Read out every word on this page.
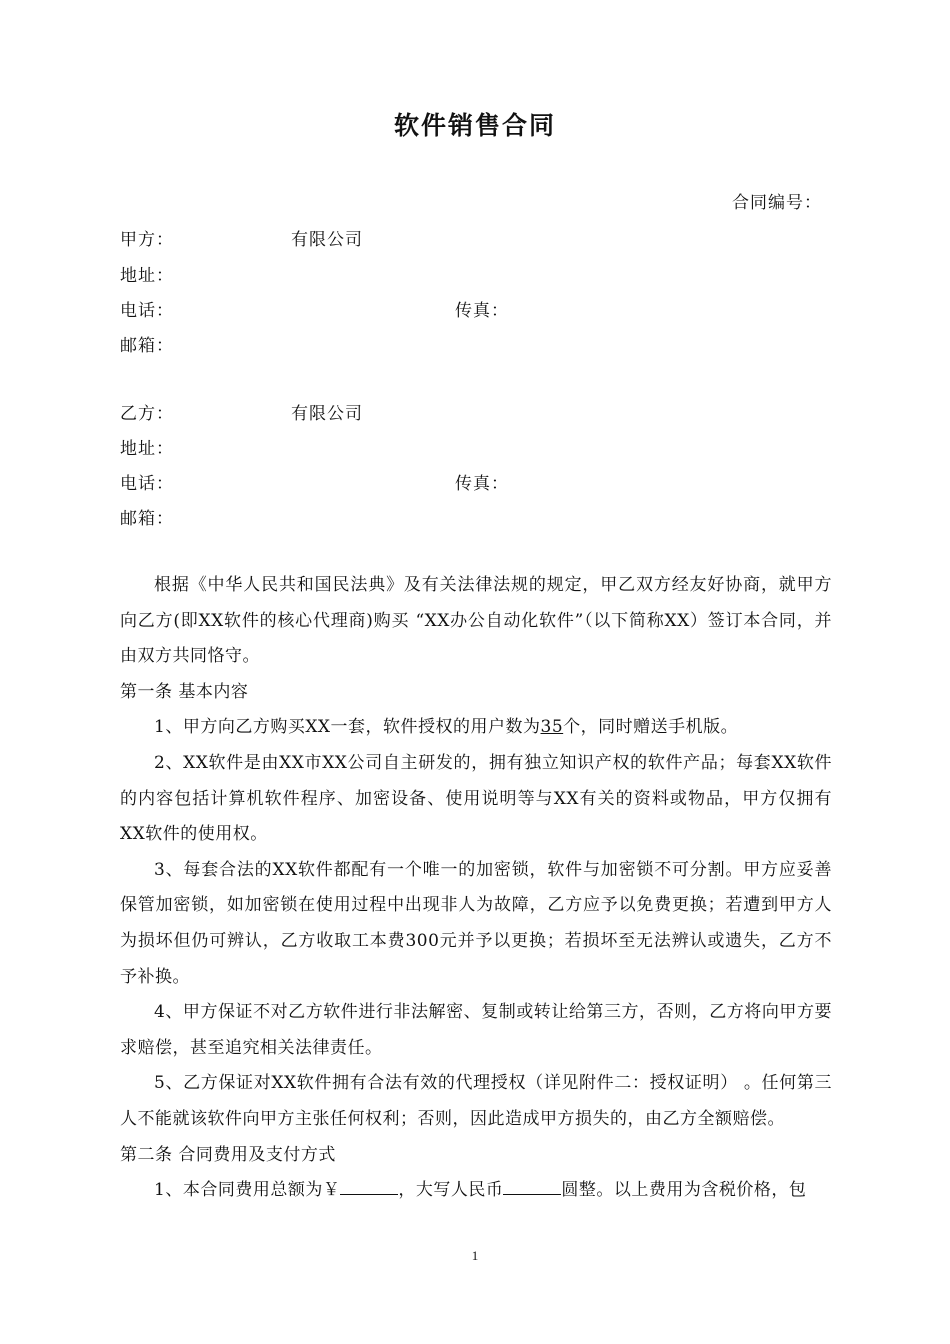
软件销售合同
合同编号：
甲方：	有限公司
地址：
电话：	传真：
邮箱：
乙方：	有限公司
地址：
电话：	传真：
邮箱：

根据《中华人民共和国民法典》及有关法律法规的规定，甲乙双方经友好协商，就甲方向乙方(即XX软件的核心代理商)购买 “XX办公自动化软件”（以下简称XX）签订本合同，并由双方共同恪守。

第一条 基本内容

1、甲方向乙方购买XX一套，软件授权的用户数为35个，同时赠送手机版。

2、XX软件是由XX市XX公司自主研发的，拥有独立知识产权的软件产品；每套XX软件的内容包括计算机软件程序、加密设备、使用说明等与XX有关的资料或物品，甲方仅拥有XX软件的使用权。

3、每套合法的XX软件都配有一个唯一的加密锁，软件与加密锁不可分割。甲方应妥善保管加密锁，如加密锁在使用过程中出现非人为故障，乙方应予以免费更换；若遭到甲方人为损坏但仍可辨认，乙方收取工本费300元并予以更换；若损坏至无法辨认或遗失，乙方不予补换。

4、甲方保证不对乙方软件进行非法解密、复制或转让给第三方，否则，乙方将向甲方要求赔偿，甚至追究相关法律责任。

5、乙方保证对XX软件拥有合法有效的代理授权（详见附件二：授权证明） 。任何第三人不能就该软件向甲方主张任何权利；否则，因此造成甲方损失的，由乙方全额赔偿。

第二条 合同费用及支付方式

1、本合同费用总额为￥	，大写人民币	圆整。以上费用为含税价格，包

1
